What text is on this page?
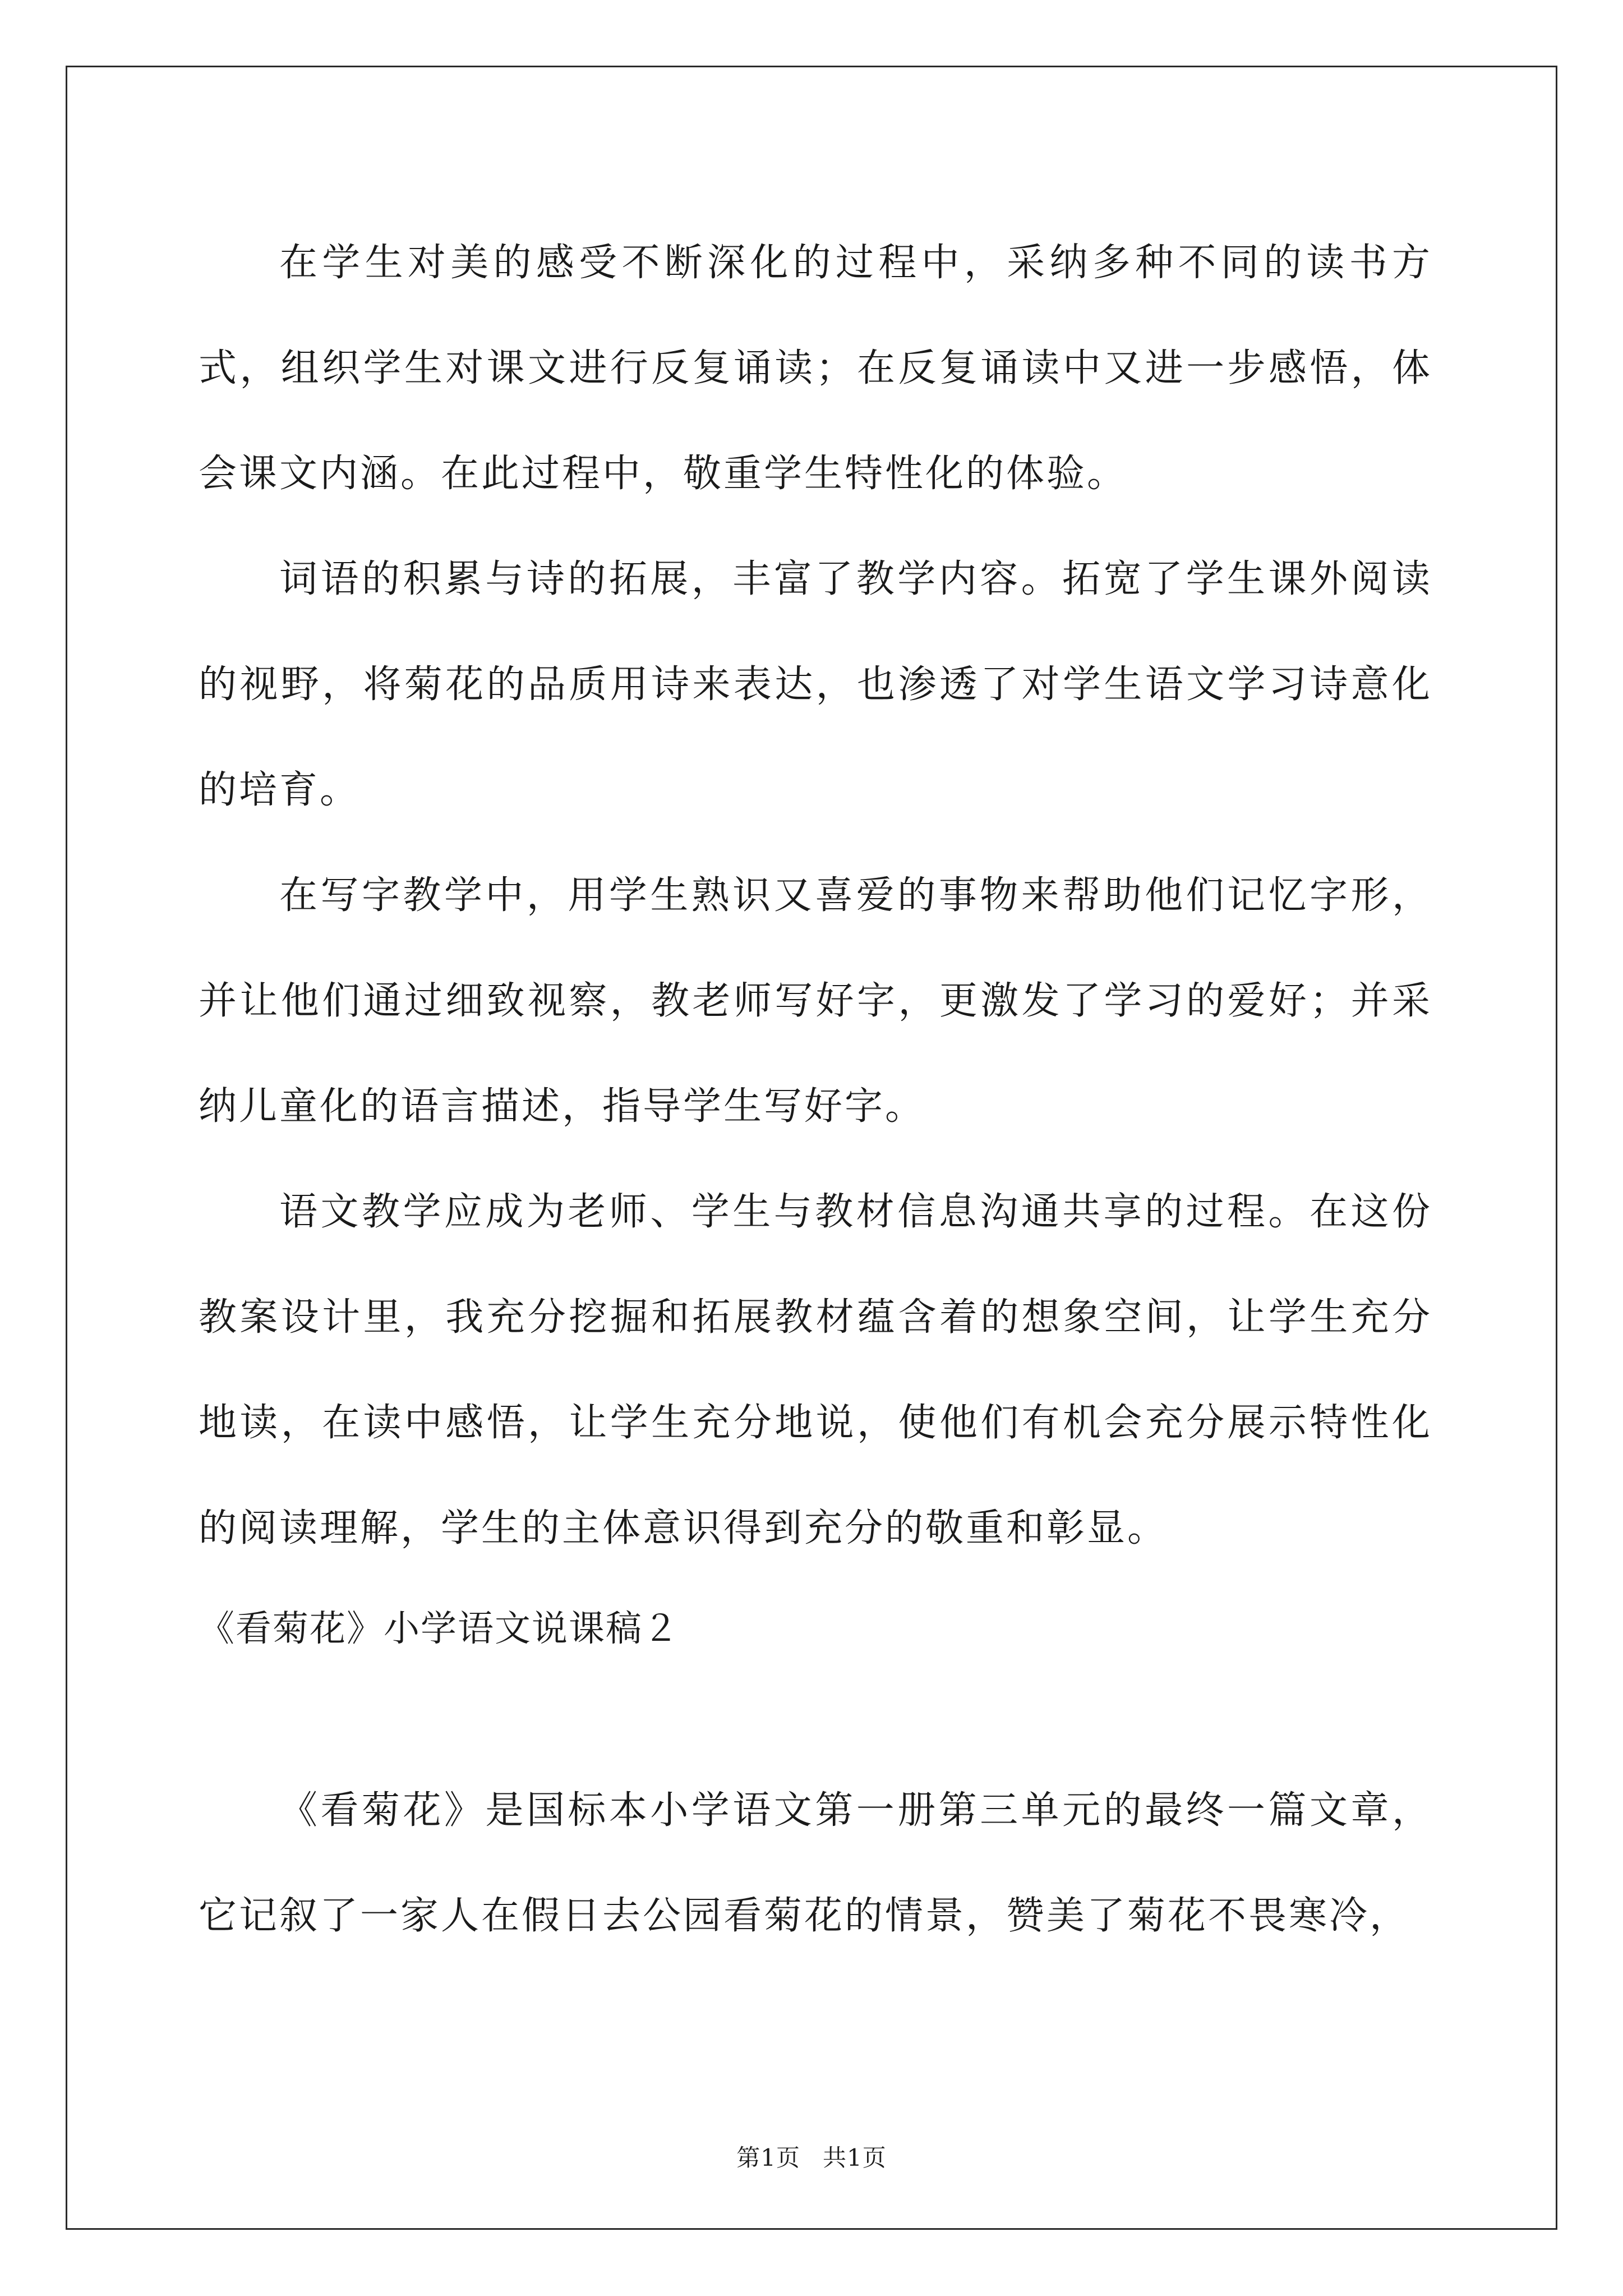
在学生对美的感受不断深化的过程中，采纳多种不同的读书方式，组织学生对课文进行反复诵读；在反复诵读中又进一步感悟，体会课文内涵。在此过程中，敬重学生特性化的体验。

词语的积累与诗的拓展，丰富了教学内容。拓宽了学生课外阅读的视野，将菊花的品质用诗来表达，也渗透了对学生语文学习诗意化的培育。

在写字教学中，用学生熟识又喜爱的事物来帮助他们记忆字形，并让他们通过细致视察，教老师写好字，更激发了学习的爱好；并采纳儿童化的语言描述，指导学生写好字。

语文教学应成为老师、学生与教材信息沟通共享的过程。在这份教案设计里，我充分挖掘和拓展教材蕴含着的想象空间，让学生充分地读，在读中感悟，让学生充分地说，使他们有机会充分展示特性化的阅读理解，学生的主体意识得到充分的敬重和彰显。

《看菊花》小学语文说课稿２

《看菊花》是国标本小学语文第一册第三单元的最终一篇文章，它记叙了一家人在假日去公园看菊花的情景，赞美了菊花不畏寒冷，

第1页 共1页
